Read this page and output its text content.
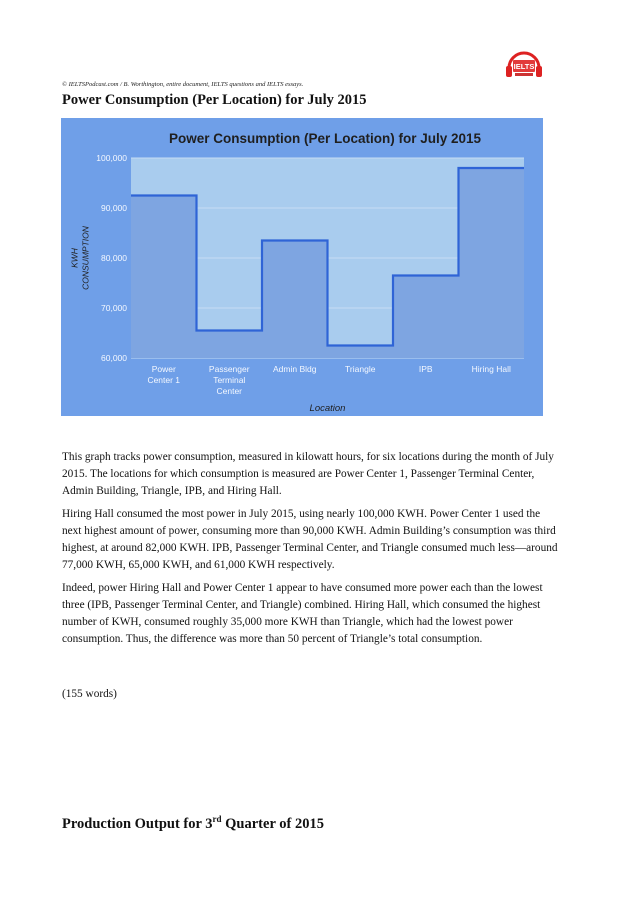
IELTS
© IELTSPodcast.com / B. Worthington, entire document, IELTS questions and IELTS essays.
Power Consumption (Per Location) for July 2015
Power Consumption (Per Location) for July 2015
60,000
70,000
80,000
90,000
100,000
Power
Center 1
Passenger
Terminal
Center
Admin Bldg	Triangle	IPB	Hiring Hall
KWH CONSUMPTION
Location

This graph tracks power consumption, measured in kilowatt hours, for six locations during the month of July 2015. The locations for which consumption is measured are Power Center 1, Passenger Terminal Center, Admin Building, Triangle, IPB, and Hiring Hall.

Hiring Hall consumed the most power in July 2015, using nearly 100,000 KWH. Power Center 1 used the next highest amount of power, consuming more than 90,000 KWH. Admin Building’s consumption was third highest, at around 82,000 KWH. IPB, Passenger Terminal Center, and Triangle consumed much less—around 77,000 KWH, 65,000 KWH, and 61,000 KWH respectively.

Indeed, power Hiring Hall and Power Center 1 appear to have consumed more power each than the lowest three (IPB, Passenger Terminal Center, and Triangle) combined. Hiring Hall, which consumed the highest number of KWH, consumed roughly 35,000 more KWH than Triangle, which had the lowest power consumption. Thus, the difference was more than 50 percent of Triangle’s total consumption.

(155 words)

Production Output for 3rd Quarter of 2015
